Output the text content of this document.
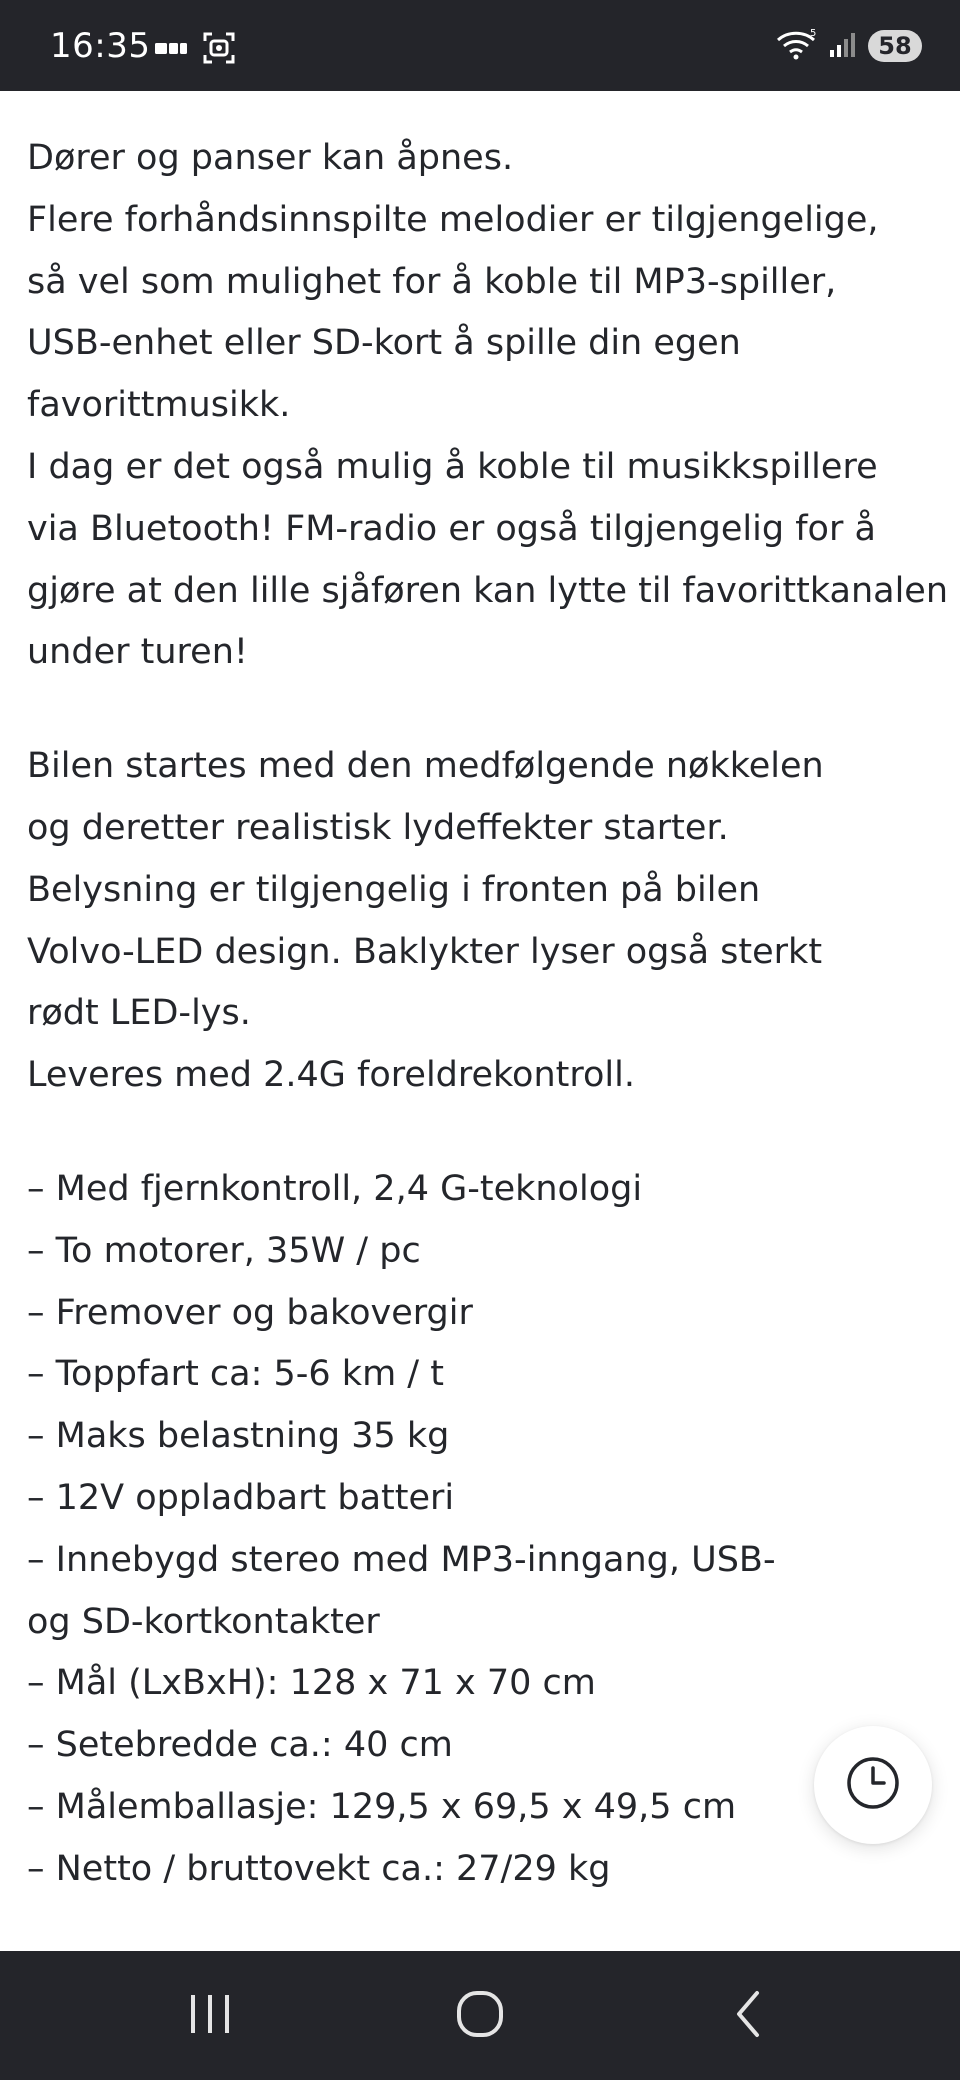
16:35	5	58
Dører og panser kan åpnes.
Flere forhåndsinnspilte melodier er tilgjengelige,
så vel som mulighet for å koble til MP3-spiller,
USB-enhet eller SD-kort å spille din egen
favorittmusikk.
I dag er det også mulig å koble til musikkspillere
via Bluetooth! FM-radio er også tilgjengelig for å
gjøre at den lille sjåføren kan lytte til favorittkanalen
under turen!
Bilen startes med den medfølgende nøkkelen
og deretter realistisk lydeffekter starter.
Belysning er tilgjengelig i fronten på bilen
Volvo-LED design. Baklykter lyser også sterkt
rødt LED-lys.
Leveres med 2.4G foreldrekontroll.
– Med fjernkontroll, 2,4 G-teknologi
– To motorer, 35W / pc
– Fremover og bakovergir
– Toppfart ca: 5-6 km / t
– Maks belastning 35 kg
– 12V oppladbart batteri
– Innebygd stereo med MP3-inngang, USB-
og SD-kortkontakter
– Mål (LxBxH): 128 x 71 x 70 cm
– Setebredde ca.: 40 cm
– Målemballasje: 129,5 x 69,5 x 49,5 cm
– Netto / bruttovekt ca.: 27/29 kg
